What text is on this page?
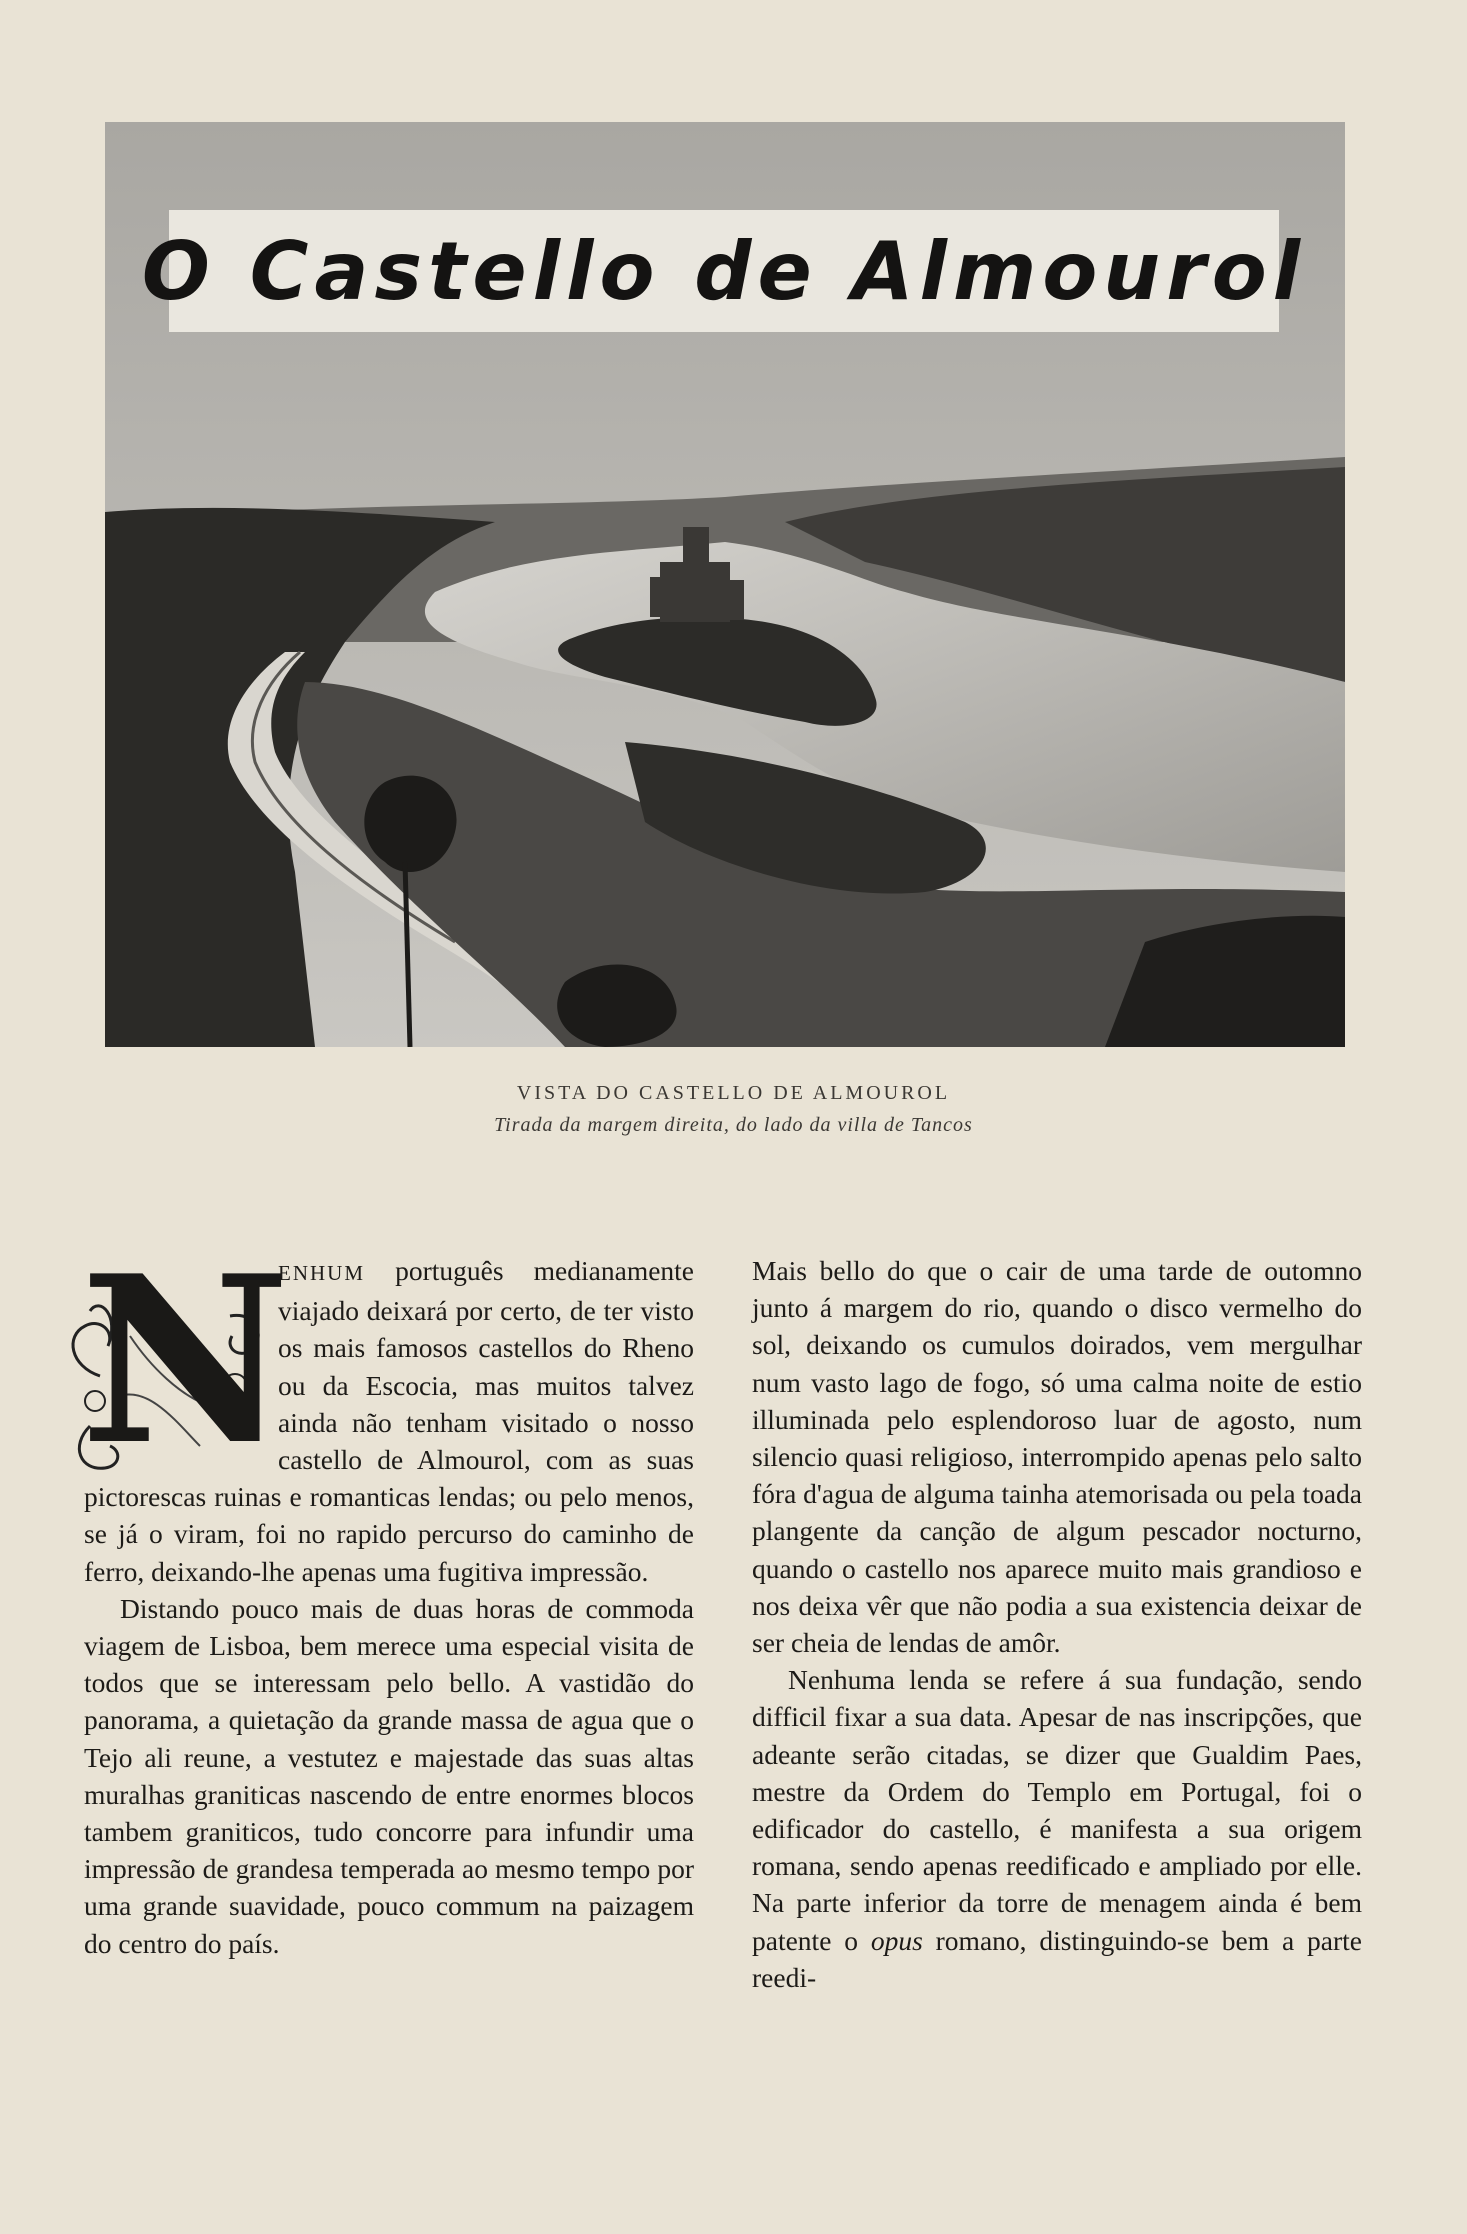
O Castello de Almourol
VISTA DO CASTELLO DE ALMOUROL
Tirada da margem direita, do lado da villa de Tancos
N

ENHUM português medianamente viajado deixará por certo, de ter visto os mais famosos castellos do Rheno ou da Escocia, mas muitos talvez ainda não tenham visitado o nosso castello de Almourol, com as suas pictorescas ruinas e romanticas lendas; ou pelo menos, se já o viram, foi no rapido percurso do caminho de ferro, deixando-lhe apenas uma fugitiva impressão.

Distando pouco mais de duas horas de commoda viagem de Lisboa, bem merece uma especial visita de todos que se interessam pelo bello. A vastidão do panorama, a quietação da grande massa de agua que o Tejo ali reune, a vestutez e majestade das suas altas muralhas graniticas nascendo de entre enormes blocos tambem graniticos, tudo concorre para infundir uma impressão de grandesa temperada ao mesmo tempo por uma grande suavidade, pouco commum na paizagem do centro do país.

Mais bello do que o cair de uma tarde de outomno junto á margem do rio, quando o disco vermelho do sol, deixando os cumulos doirados, vem mergulhar num vasto lago de fogo, só uma calma noite de estio illuminada pelo esplendoroso luar de agosto, num silencio quasi religioso, interrompido apenas pelo salto fóra d'agua de alguma tainha atemorisada ou pela toada plangente da canção de algum pescador nocturno, quando o castello nos aparece muito mais grandioso e nos deixa vêr que não podia a sua existencia deixar de ser cheia de lendas de amôr.

Nenhuma lenda se refere á sua fundação, sendo difficil fixar a sua data. Apesar de nas inscripções, que adeante serão citadas, se dizer que Gualdim Paes, mestre da Ordem do Templo em Portugal, foi o edificador do castello, é manifesta a sua origem romana, sendo apenas reedificado e ampliado por elle. Na parte inferior da torre de menagem ainda é bem patente o opus romano, distinguindo-se bem a parte reedi-
